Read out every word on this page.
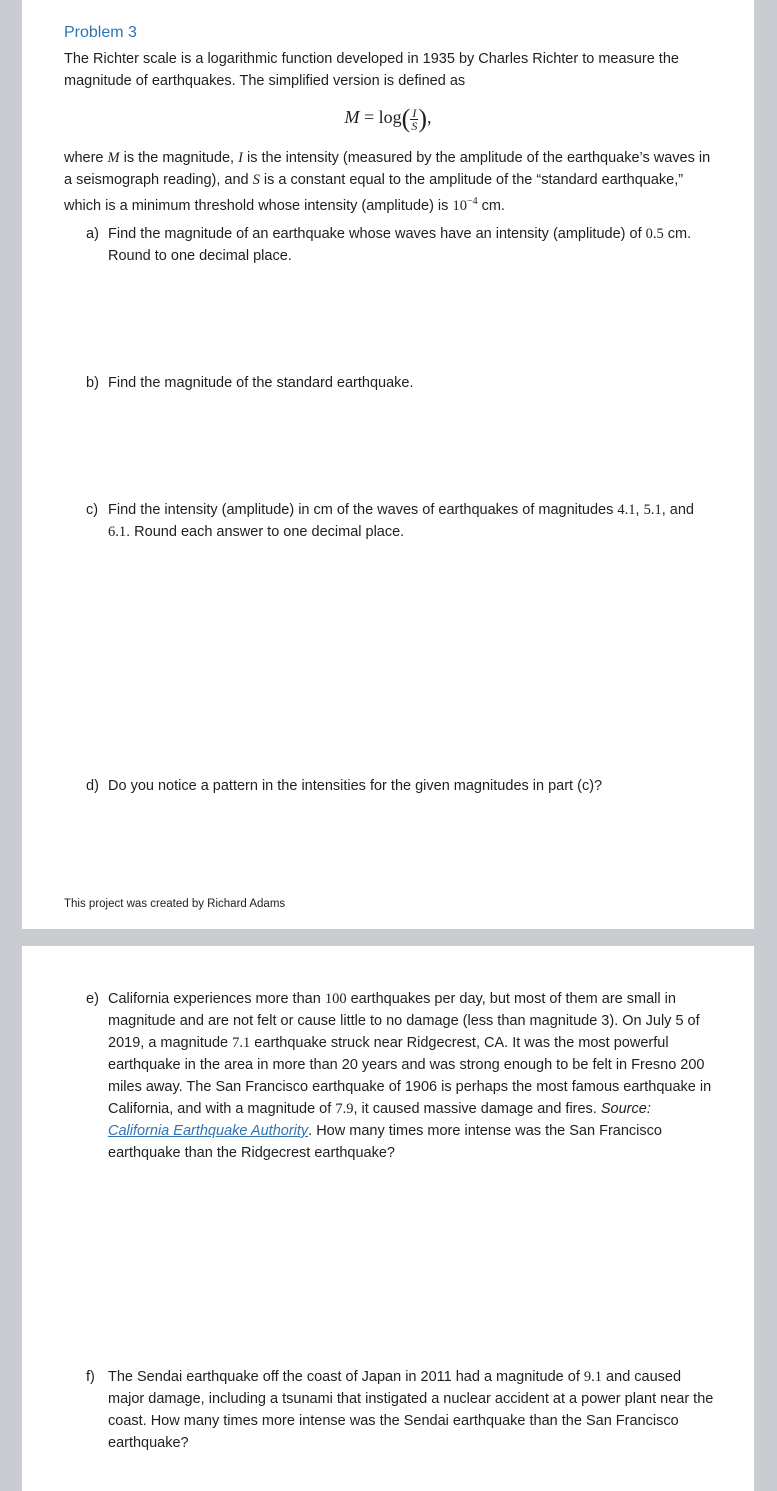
Problem 3
The Richter scale is a logarithmic function developed in 1935 by Charles Richter to measure the magnitude of earthquakes. The simplified version is defined as
$M = \log( \frac{I}{S}$ ),
where M is the magnitude, I is the intensity (measured by the amplitude of the earthquake’s waves in a seismograph reading), and S is a constant equal to the amplitude of the “standard earthquake,” which is a minimum threshold whose intensity (amplitude) is $10^{-4}$ cm.
a) Find the magnitude of an earthquake whose waves have an intensity (amplitude) of 0.5 cm. Round to one decimal place.
b) Find the magnitude of the standard earthquake.
c) Find the intensity (amplitude) in cm of the waves of earthquakes of magnitudes 4.1, 5.1, and 6.1. Round each answer to one decimal place.
d) Do you notice a pattern in the intensities for the given magnitudes in part (c)?
This project was created by Richard Adams
e) California experiences more than 100 earthquakes per day, but most of them are small in magnitude and are not felt or cause little to no damage (less than magnitude 3). On July 5 of 2019, a magnitude 7.1 earthquake struck near Ridgecrest, CA. It was the most powerful earthquake in the area in more than 20 years and was strong enough to be felt in Fresno 200 miles away. The San Francisco earthquake of 1906 is perhaps the most famous earthquake in California, and with a magnitude of 7.9, it caused massive damage and fires. Source: California Earthquake Authority. How many times more intense was the San Francisco earthquake than the Ridgecrest earthquake?
f) The Sendai earthquake off the coast of Japan in 2011 had a magnitude of 9.1 and caused major damage, including a tsunami that instigated a nuclear accident at a power plant near the coast. How many times more intense was the Sendai earthquake than the San Francisco earthquake?
